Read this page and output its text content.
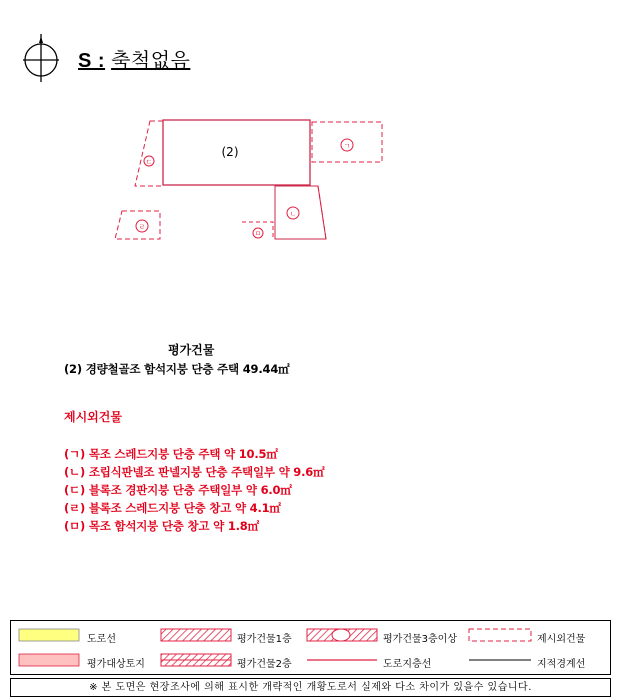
S : 축척없음
(2)
ㄷ
ㄱ
ㄴ
ㅁ
ㄹ
평가건물
(2) 경량철골조 함석지붕 단층 주택 49.44㎡
제시외건물
(ㄱ) 목조 스레드지붕 단층 주택 약 10.5㎡
(ㄴ) 조립식판넬조 판넬지붕 단층 주택일부 약 9.6㎡
(ㄷ) 블록조 경판지붕 단층 주택일부 약 6.0㎡
(ㄹ) 블록조 스레드지붕 단층 창고 약 4.1㎡
(ㅁ) 목조 함석지붕 단층 창고 약 1.8㎡
도로선
평가대상토지
평가건물1층
평가건물2층
평가건물3층이상
도로지층선
제시외건물
지적경계선
※ 본 도면은 현장조사에 의해 표시한 개략적인 개황도로서 실제와 다소 차이가 있을수 있습니다.
